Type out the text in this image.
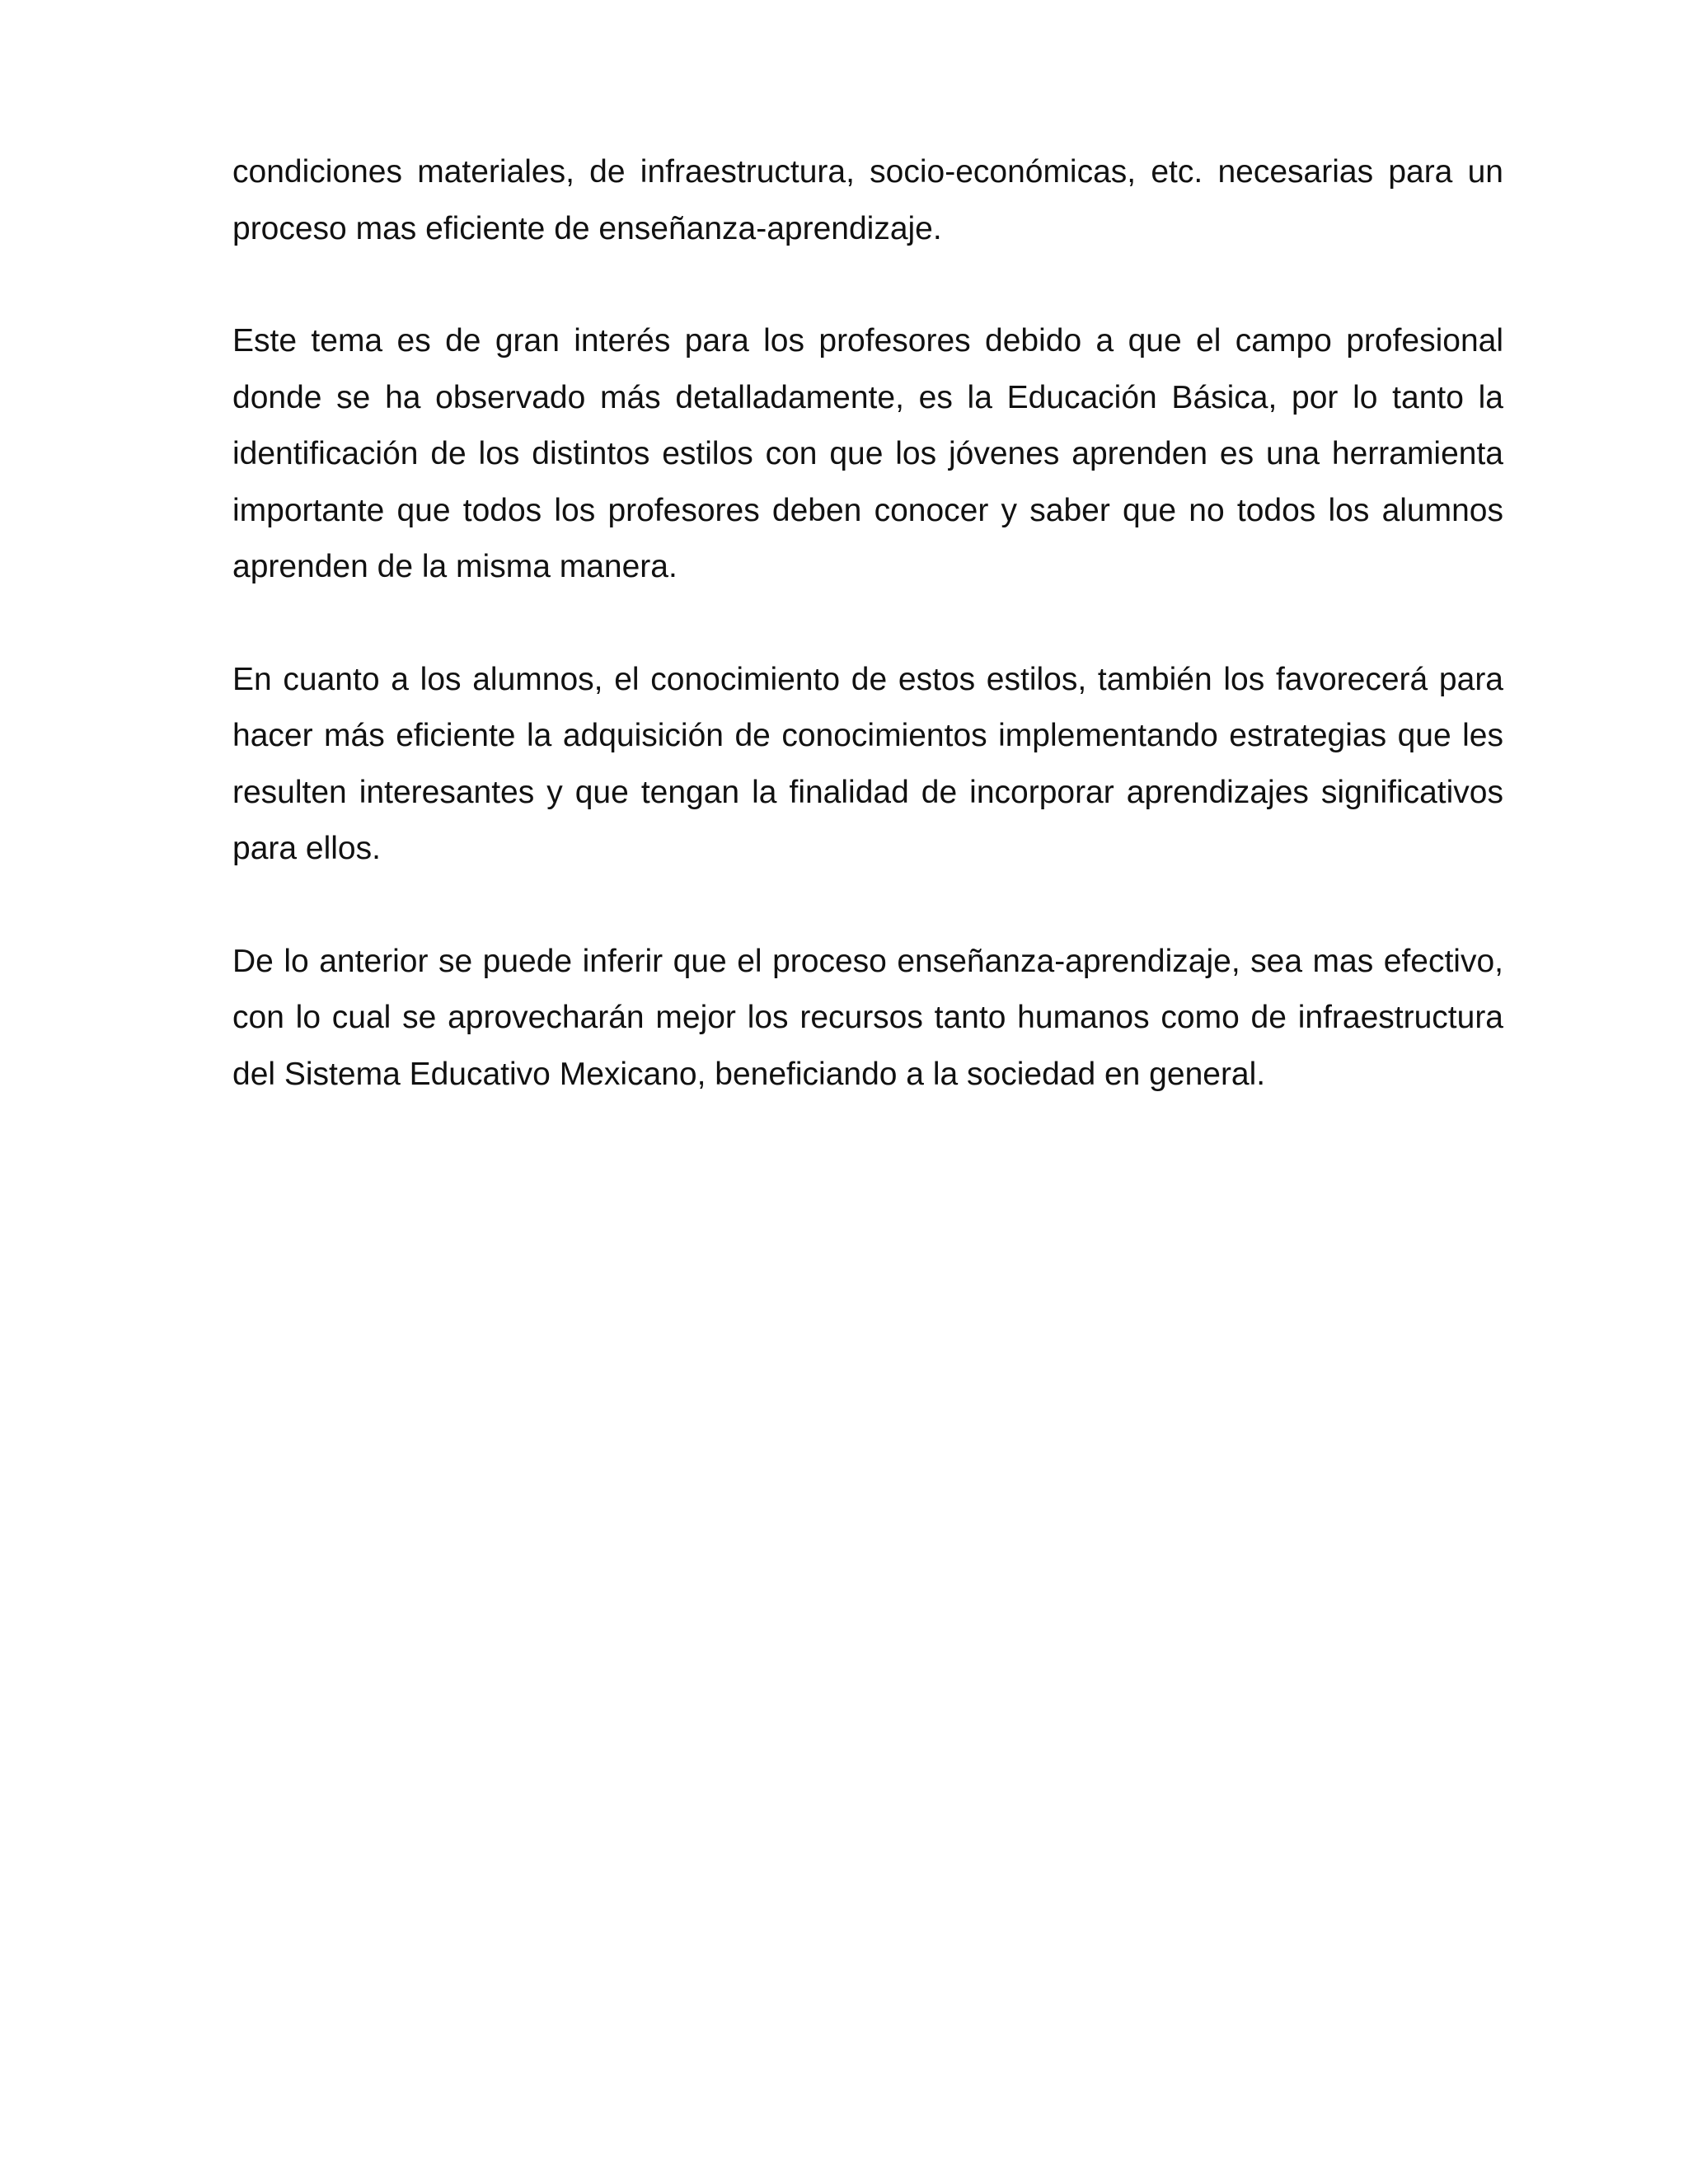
condiciones materiales, de infraestructura, socio-económicas, etc. necesarias para un proceso mas eficiente de enseñanza-aprendizaje.

Este tema es de gran interés para los profesores debido a que el campo profesional donde se ha observado más detalladamente, es la Educación Básica, por lo tanto la identificación de los distintos estilos con que los jóvenes aprenden es una herramienta importante que todos los profesores deben conocer y saber que no todos los alumnos aprenden de la misma manera.

En cuanto a los alumnos, el conocimiento de estos estilos, también los favorecerá para hacer más eficiente la adquisición de conocimientos implementando estrategias que les resulten interesantes y que tengan la finalidad de incorporar aprendizajes significativos para ellos.

De lo anterior se puede inferir que el proceso enseñanza-aprendizaje, sea mas efectivo, con lo cual se aprovecharán mejor los recursos tanto humanos como de infraestructura del Sistema Educativo Mexicano, beneficiando a la sociedad en general.
